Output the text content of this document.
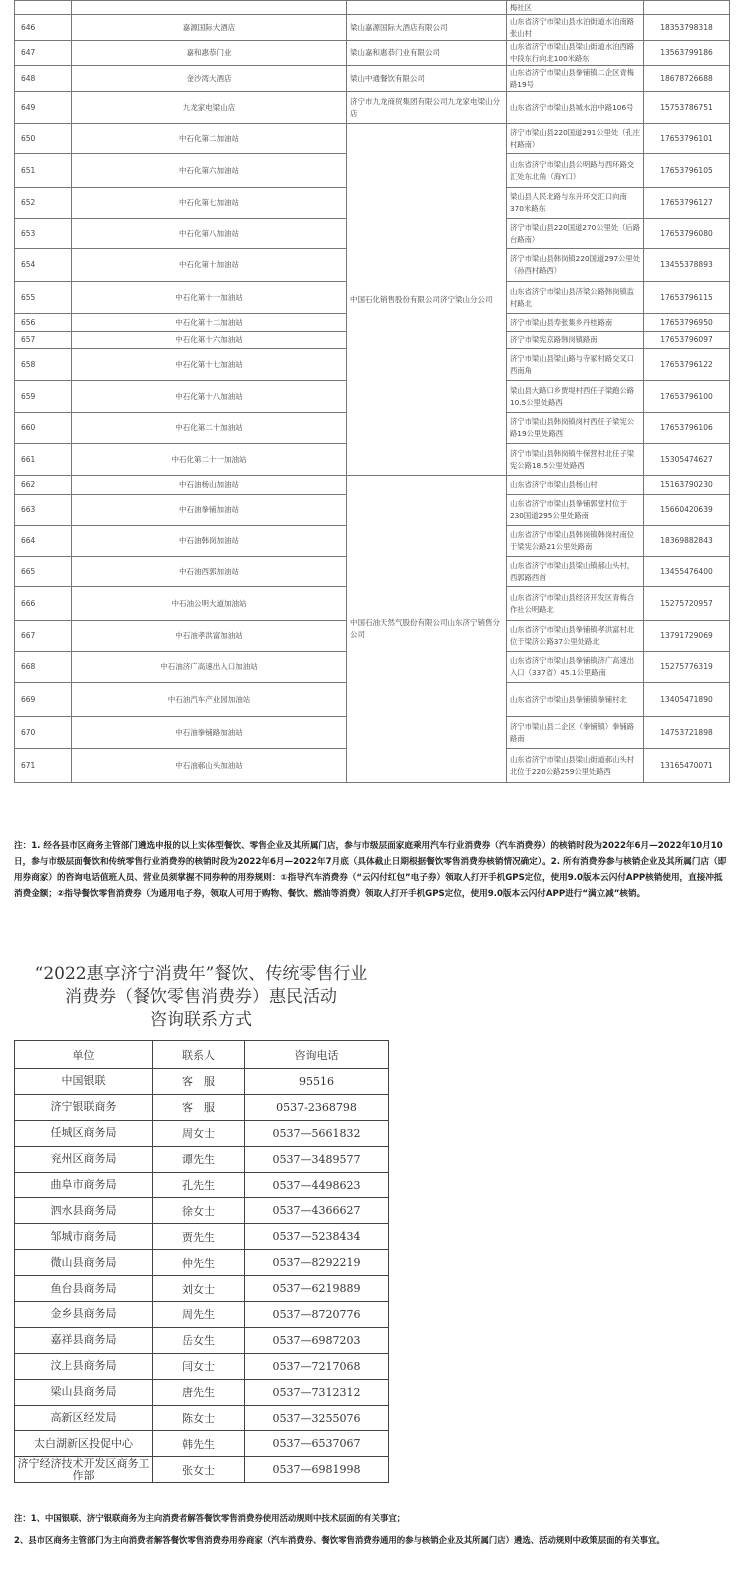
			梅社区	
646	嘉源国际大酒店	梁山嘉源国际大酒店有限公司	山东省济宁市梁山县水泊街道水泊南路张山村	18353798318
647	嘉和惠恭门业	梁山嘉和惠恭门业有限公司	山东省济宁市梁山县梁山街道水泊西路中段东行向北100米路东	13563799186
648	金沙湾大酒店	梁山中通餐饮有限公司	山东省济宁市梁山县拳铺镇二企区青梅路19号	18678726688
649	九龙家电梁山店	济宁市九龙商贸集团有限公司九龙家电梁山分店	山东省济宁市梁山县城水泊中路106号	15753786751
650	中石化第二加油站	中国石化销售股份有限公司济宁梁山分公司	济宁市梁山县220国道291公里处（孔庄村路南）	17653796101
651	中石化第六加油站		山东省济宁市梁山县公明路与西环路交汇处东北角（海Y口）	17653796105
652	中石化第七加油站		梁山县人民北路与东升环交汇口向南370米路东	17653796127
653	中石化第八加油站		济宁市梁山县220国道270公里处（后路台路南）	17653796080
654	中石化第十加油站		济宁市梁山县韩岗镇220国道297公里处（孙西村路西）	13455378893
655	中石化第十一加油站		山东省济宁市梁山县济梁公路韩岗镇监村路北	17653796115
656	中石化第十二加油站		济宁市梁山县寿张集乡丹桂路南	17653796950
657	中石化第十六加油站		济宁市梁宪京路韩岗镇路南	17653796097
658	中石化第十七加油站		济宁市梁山县梁山路与寺冢村路交叉口西南角	17653796122
659	中石化第十八加油站		梁山县大路口乡贾堤村西任子梁跑公路10.5公里处路西	17653796100
660	中石化第二十加油站		济宁市梁山县韩岗镇岗村西任子梁宪公路19公里处路西	17653796106
661	中石化第二十一加油站		济宁市梁山县韩岗镇牛保营村北任子梁宪公路18.5公里处路西	15305474627
662	中石油杨山加油站	中国石油天然气股份有限公司山东济宁销售分公司	山东省济宁市梁山县杨山村	15163790230
663	中石油拳铺加油站		山东省济宁市梁山县拳铺郭堂村位于230国道295公里处路南	15660420639
664	中石油韩岗加油站		山东省济宁市梁山县韩岗镇韩岗村南位于梁宪公路21公里处路南	18369882843
665	中石油西郭加油站		山东省济宁市梁山县梁山镇郝山头村，西郭路西首	13455476400
666	中石油公明大道加油站		山东省济宁市梁山县经济开发区青梅合作社公明路北	15275720957
667	中石油孝洪富加油站		山东省济宁市梁山县拳铺镇孝洪富村北位于梁济公路37公里处路北	13791729069
668	中石油济广高速出入口加油站		山东省济宁市梁山县拳铺镇济广高速出入口（337省）45.1公里路南	15275776319
669	中石油汽车产业园加油站		山东省济宁市梁山县拳铺镇拳铺村北	13405471890
670	中石油拳铺路加油站		济宁市梁山县二企区（拳铺镇）拳铺路路南	14753721898
671	中石油郝山头加油站		山东省济宁市梁山县梁山街道郝山头村北位于220公路259公里处路西	13165470071
注：1. 经各县市区商务主管部门遴选申报的以上实体型餐饮、零售企业及其所属门店，参与市级层面家庭乘用汽车行业消费券（汽车消费券）的核销时段为2022年6月—2022年10月10日，参与市级层面餐饮和传统零售行业消费券的核销时段为2022年6月—2022年7月底（具体截止日期根据餐饮零售消费券核销情况确定）。2. 所有消费券参与核销企业及其所属门店（即用券商家）的咨询电话值班人员、营业员须掌握不同券种的用券规则：①指导汽车消费券（“云闪付红包”电子券）领取人打开手机GPS定位，使用9.0版本云闪付APP核销使用，直接冲抵消费金额；②指导餐饮零售消费券（为通用电子券，领取人可用于购物、餐饮、燃油等消费）领取人打开手机GPS定位，使用9.0版本云闪付APP进行“满立减”核销。
“2022惠享济宁消费年”餐饮、传统零售行业
消费券（餐饮零售消费券）惠民活动
咨询联系方式
单位	联系人	咨询电话
中国银联	客　服	95516
济宁银联商务	客　服	0537-2368798
任城区商务局	周女士	0537—5661832
兖州区商务局	谭先生	0537—3489577
曲阜市商务局	孔先生	0537—4498623
泗水县商务局	徐女士	0537—4366627
邹城市商务局	贾先生	0537—5238434
微山县商务局	仲先生	0537—8292219
鱼台县商务局	刘女士	0537—6219889
金乡县商务局	周先生	0537—8720776
嘉祥县商务局	岳女生	0537—6987203
汶上县商务局	闫女士	0537—7217068
梁山县商务局	唐先生	0537—7312312
高新区经发局	陈女士	0537—3255076
太白湖新区投促中心	韩先生	0537—6537067
济宁经济技术开发区商务工作部	张女士	0537—6981998
注：1、中国银联、济宁银联商务为主向消费者解答餐饮零售消费券使用活动规则中技术层面的有关事宜；
2、县市区商务主管部门为主向消费者解答餐饮零售消费券用券商家（汽车消费券、餐饮零售消费券通用的参与核销企业及其所属门店）遴选、活动规则中政策层面的有关事宜。
